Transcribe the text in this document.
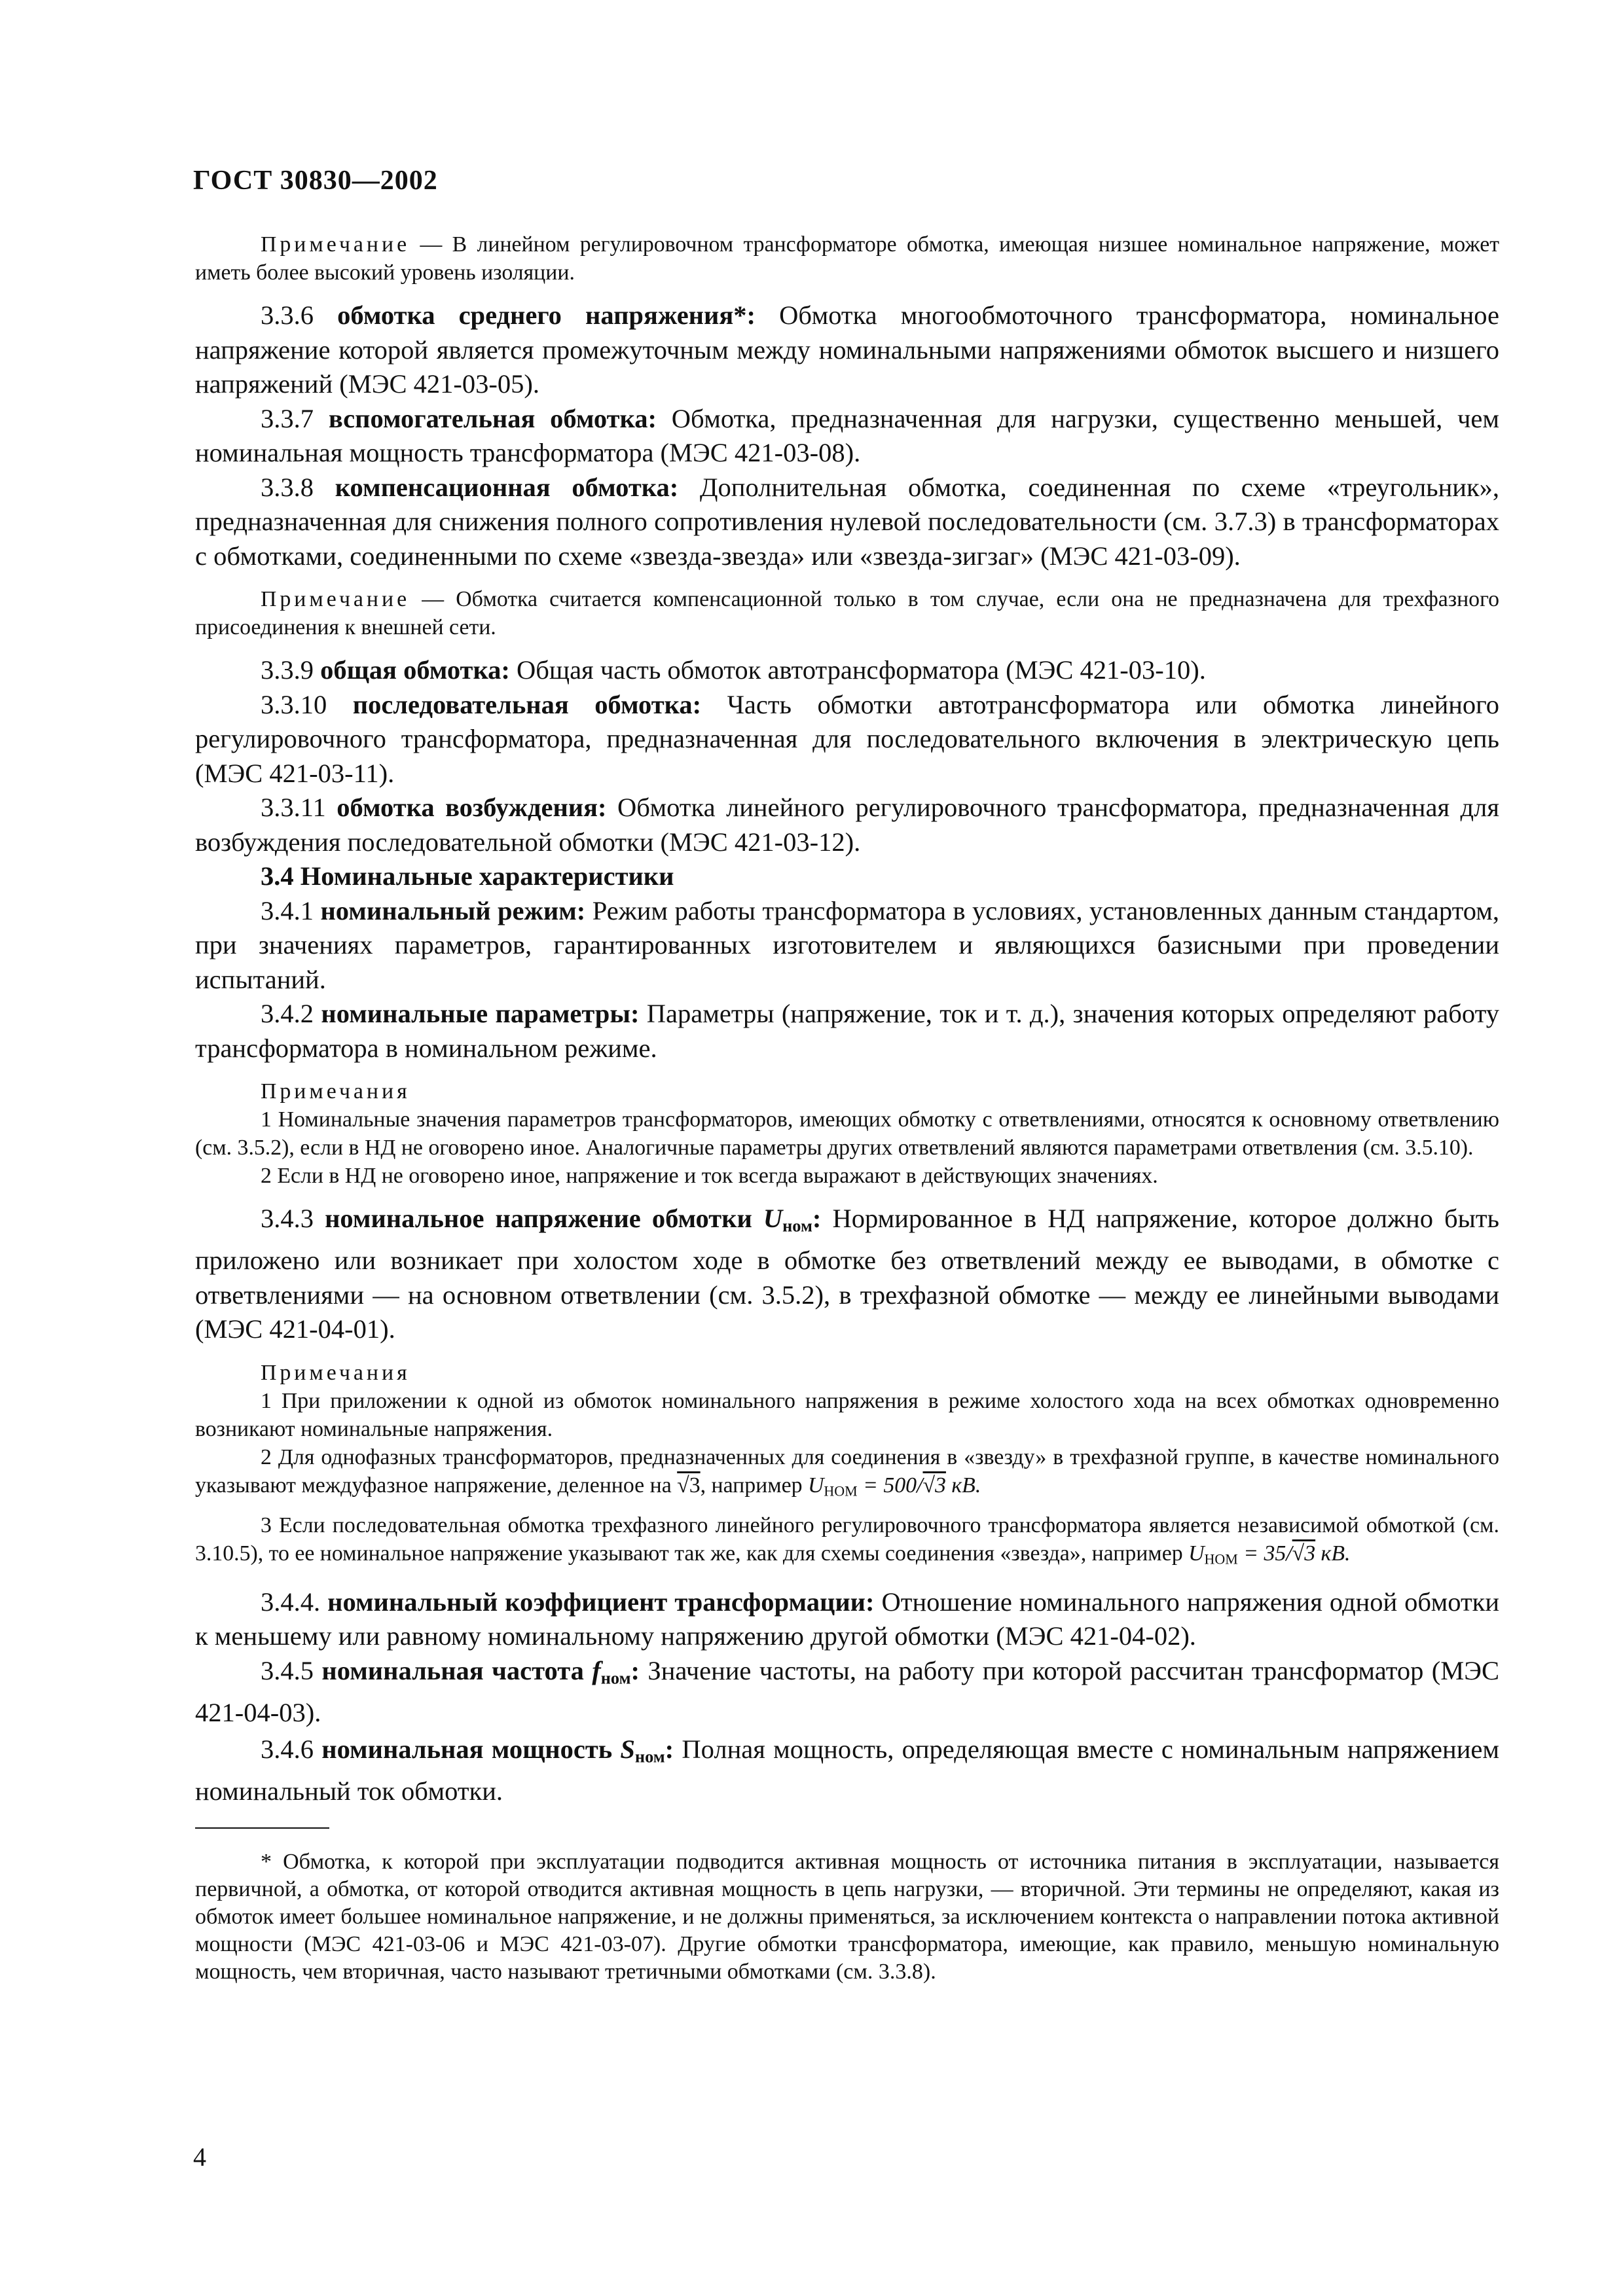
ГОСТ 30830—2002

Примечание — В линейном регулировочном трансформаторе обмотка, имеющая низшее номинальное напряжение, может иметь более высокий уровень изоляции.

3.3.6 обмотка среднего напряжения*: Обмотка многообмоточного трансформатора, номинальное напряжение которой является промежуточным между номинальными напряжениями обмоток высшего и низшего напряжений (МЭС 421-03-05).

3.3.7 вспомогательная обмотка: Обмотка, предназначенная для нагрузки, существенно меньшей, чем номинальная мощность трансформатора (МЭС 421-03-08).

3.3.8 компенсационная обмотка: Дополнительная обмотка, соединенная по схеме «треугольник», предназначенная для снижения полного сопротивления нулевой последовательности (см. 3.7.3) в трансформаторах с обмотками, соединенными по схеме «звезда-звезда» или «звезда-зигзаг» (МЭС 421-03-09).

Примечание — Обмотка считается компенсационной только в том случае, если она не предназначена для трехфазного присоединения к внешней сети.

3.3.9 общая обмотка: Общая часть обмоток автотрансформатора (МЭС 421-03-10).

3.3.10 последовательная обмотка: Часть обмотки автотрансформатора или обмотка линейного регулировочного трансформатора, предназначенная для последовательного включения в электрическую цепь (МЭС 421-03-11).

3.3.11 обмотка возбуждения: Обмотка линейного регулировочного трансформатора, предназначенная для возбуждения последовательной обмотки (МЭС 421-03-12).

3.4 Номинальные характеристики

3.4.1 номинальный режим: Режим работы трансформатора в условиях, установленных данным стандартом, при значениях параметров, гарантированных изготовителем и являющихся базисными при проведении испытаний.

3.4.2 номинальные параметры: Параметры (напряжение, ток и т. д.), значения которых определяют работу трансформатора в номинальном режиме.

Примечания

1 Номинальные значения параметров трансформаторов, имеющих обмотку с ответвлениями, относятся к основному ответвлению (см. 3.5.2), если в НД не оговорено иное. Аналогичные параметры других ответвлений являются параметрами ответвления (см. 3.5.10).

2 Если в НД не оговорено иное, напряжение и ток всегда выражают в действующих значениях.

3.4.3 номинальное напряжение обмотки $U_{ном}$: Нормированное в НД напряжение, которое должно быть приложено или возникает при холостом ходе в обмотке без ответвлений между ее выводами, в обмотке с ответвлениями — на основном ответвлении (см. 3.5.2), в трехфазной обмотке — между ее линейными выводами (МЭС 421-04-01).

Примечания

1 При приложении к одной из обмоток номинального напряжения в режиме холостого хода на всех обмотках одновременно возникают номинальные напряжения.

2 Для однофазных трансформаторов, предназначенных для соединения в «звезду» в трехфазной группе, в качестве номинального указывают междуфазное напряжение, деленное на √3, например $U_{НОМ} = 500/√3$ кВ.

3 Если последовательная обмотка трехфазного линейного регулировочного трансформатора является независимой обмоткой (см. 3.10.5), то ее номинальное напряжение указывают так же, как для схемы соединения «звезда», например $U_{НОМ} = 35/√3$ кВ.

3.4.4. номинальный коэффициент трансформации: Отношение номинального напряжения одной обмотки к меньшему или равному номинальному напряжению другой обмотки (МЭС 421-04-02).

3.4.5 номинальная частота $f_{ном}$: Значение частоты, на работу при которой рассчитан трансформатор (МЭС 421-04-03).

3.4.6 номинальная мощность $S_{ном}$: Полная мощность, определяющая вместе с номинальным напряжением номинальный ток обмотки.

* Обмотка, к которой при эксплуатации подводится активная мощность от источника питания в эксплуатации, называется первичной, а обмотка, от которой отводится активная мощность в цепь нагрузки, — вторичной. Эти термины не определяют, какая из обмоток имеет большее номинальное напряжение, и не должны применяться, за исключением контекста о направлении потока активной мощности (МЭС 421-03-06 и МЭС 421-03-07). Другие обмотки трансформатора, имеющие, как правило, меньшую номинальную мощность, чем вторичная, часто называют третичными обмотками (см. 3.3.8).

4
